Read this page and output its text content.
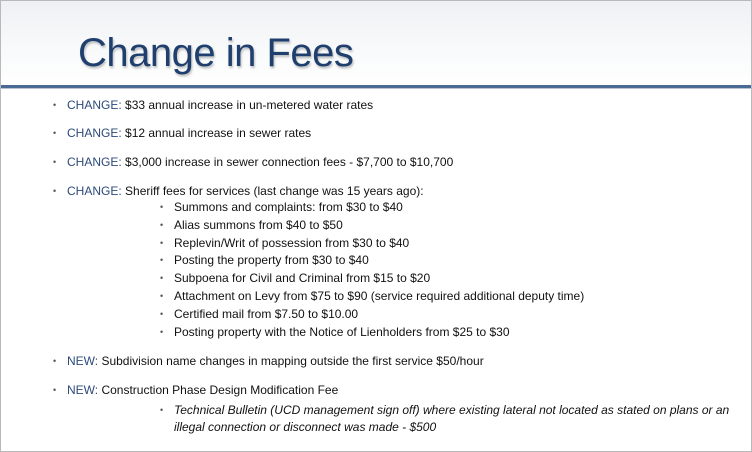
Change in Fees
• CHANGE: $33 annual increase in un-metered water rates
• CHANGE: $12 annual increase in sewer rates
• CHANGE: $3,000 increase in sewer connection fees - $7,700 to $10,700
• CHANGE: Sheriff fees for services (last change was 15 years ago):
• Summons and complaints: from $30 to $40
• Alias summons from $40 to $50
• Replevin/Writ of possession from $30 to $40
• Posting the property from $30 to $40
• Subpoena for Civil and Criminal from $15 to $20
• Attachment on Levy from $75 to $90 (service required additional deputy time)
• Certified mail from $7.50 to $10.00
• Posting property with the Notice of Lienholders from $25 to $30
• NEW: Subdivision name changes in mapping outside the first service $50/hour
• NEW: Construction Phase Design Modification Fee
• Technical Bulletin (UCD management sign off) where existing lateral not located as stated on plans or an
illegal connection or disconnect was made - $500
